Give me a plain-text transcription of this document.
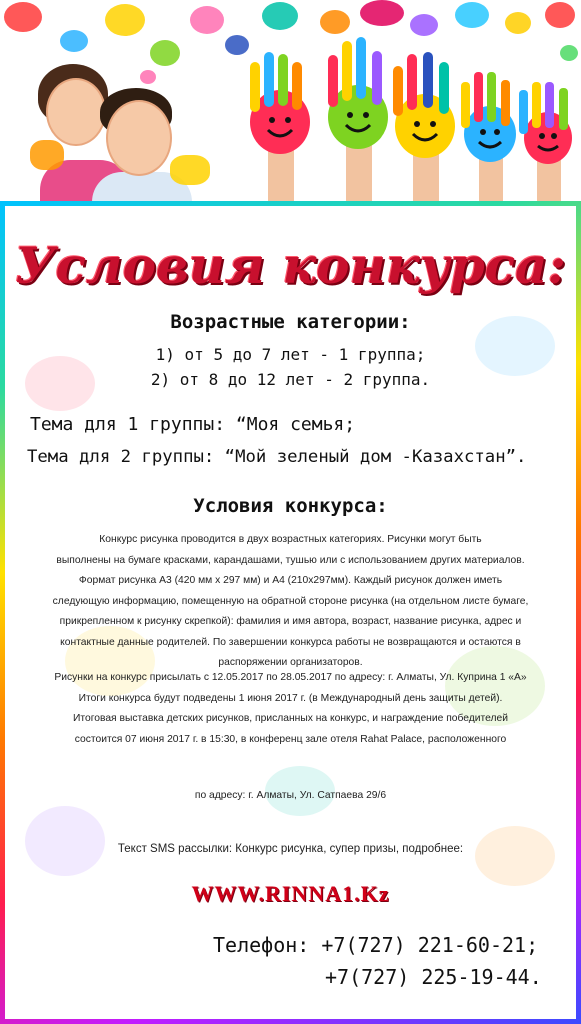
Условия конкурса:
Возрастные категории:
1) от 5 до 7 лет - 1 группа;
2) от 8 до 12 лет - 2 группа.
Тема для 1 группы: “Моя семья;
Тема для 2 группы: “Мой зеленый дом -Казахстан”.
Условия конкурса:

Конкурс рисунка проводится в двух возрастных категориях. Рисунки могут быть

выполнены на бумаге красками, карандашами, тушью или с использованием других материалов.

Формат рисунка А3 (420 мм х 297 мм) и А4 (210х297мм). Каждый рисунок должен иметь

следующую информацию, помещенную на обратной стороне рисунка (на отдельном листе бумаге,

прикрепленном к рисунку скрепкой): фамилия и имя автора, возраст, название рисунка, адрес и

контактные данные родителей. По завершении конкурса работы не возвращаются и остаются в

распоряжении организаторов.

Рисунки на конкурс присылать с 12.05.2017 по 28.05.2017 по адресу: г. Алматы, Ул. Куприна 1 «А»

Итоги конкурса будут подведены 1 июня 2017 г. (в Международный день защиты детей).

Итоговая выставка детских рисунков, присланных на конкурс, и награждение победителей

состоится 07 июня 2017 г. в 15:30, в конференц зале отеля Rahat Palace, расположенного

по адресу: г. Алматы, Ул. Сатпаева 29/6
Текст SMS рассылки: Конкурс рисунка, супер призы, подробнее:
WWW.RINNA1.Kz
Телефон: +7(727) 221-60-21;
+7(727) 225-19-44.
